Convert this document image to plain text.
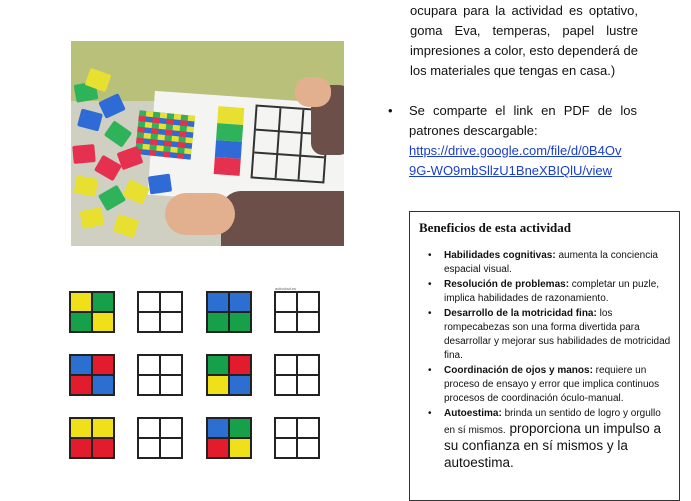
actividad.es
ocupara para la actividad es optativo, goma Eva, temperas, papel lustre impresiones a color, esto dependerá de los materiales que tengas en casa.)
• Se comparte el link en PDF de los patrones descargable:
https://drive.google.com/file/d/0B4Ov
9G-WO9mbSllzU1BneXBIQlU/view
Beneficios de esta actividad
• Habilidades cognitivas: aumenta la conciencia espacial visual.
• Resolución de problemas: completar un puzle, implica habilidades de razonamiento.
• Desarrollo de la motricidad fina: los rompecabezas son una forma divertida para desarrollar y mejorar sus habilidades de motricidad fina.
• Coordinación de ojos y manos: requiere un proceso de ensayo y error que implica continuos procesos de coordinación óculo-manual.
• Autoestima: brinda un sentido de logro y orgullo en sí mismos. proporciona un impulso a su confianza en sí mismos y la autoestima.
